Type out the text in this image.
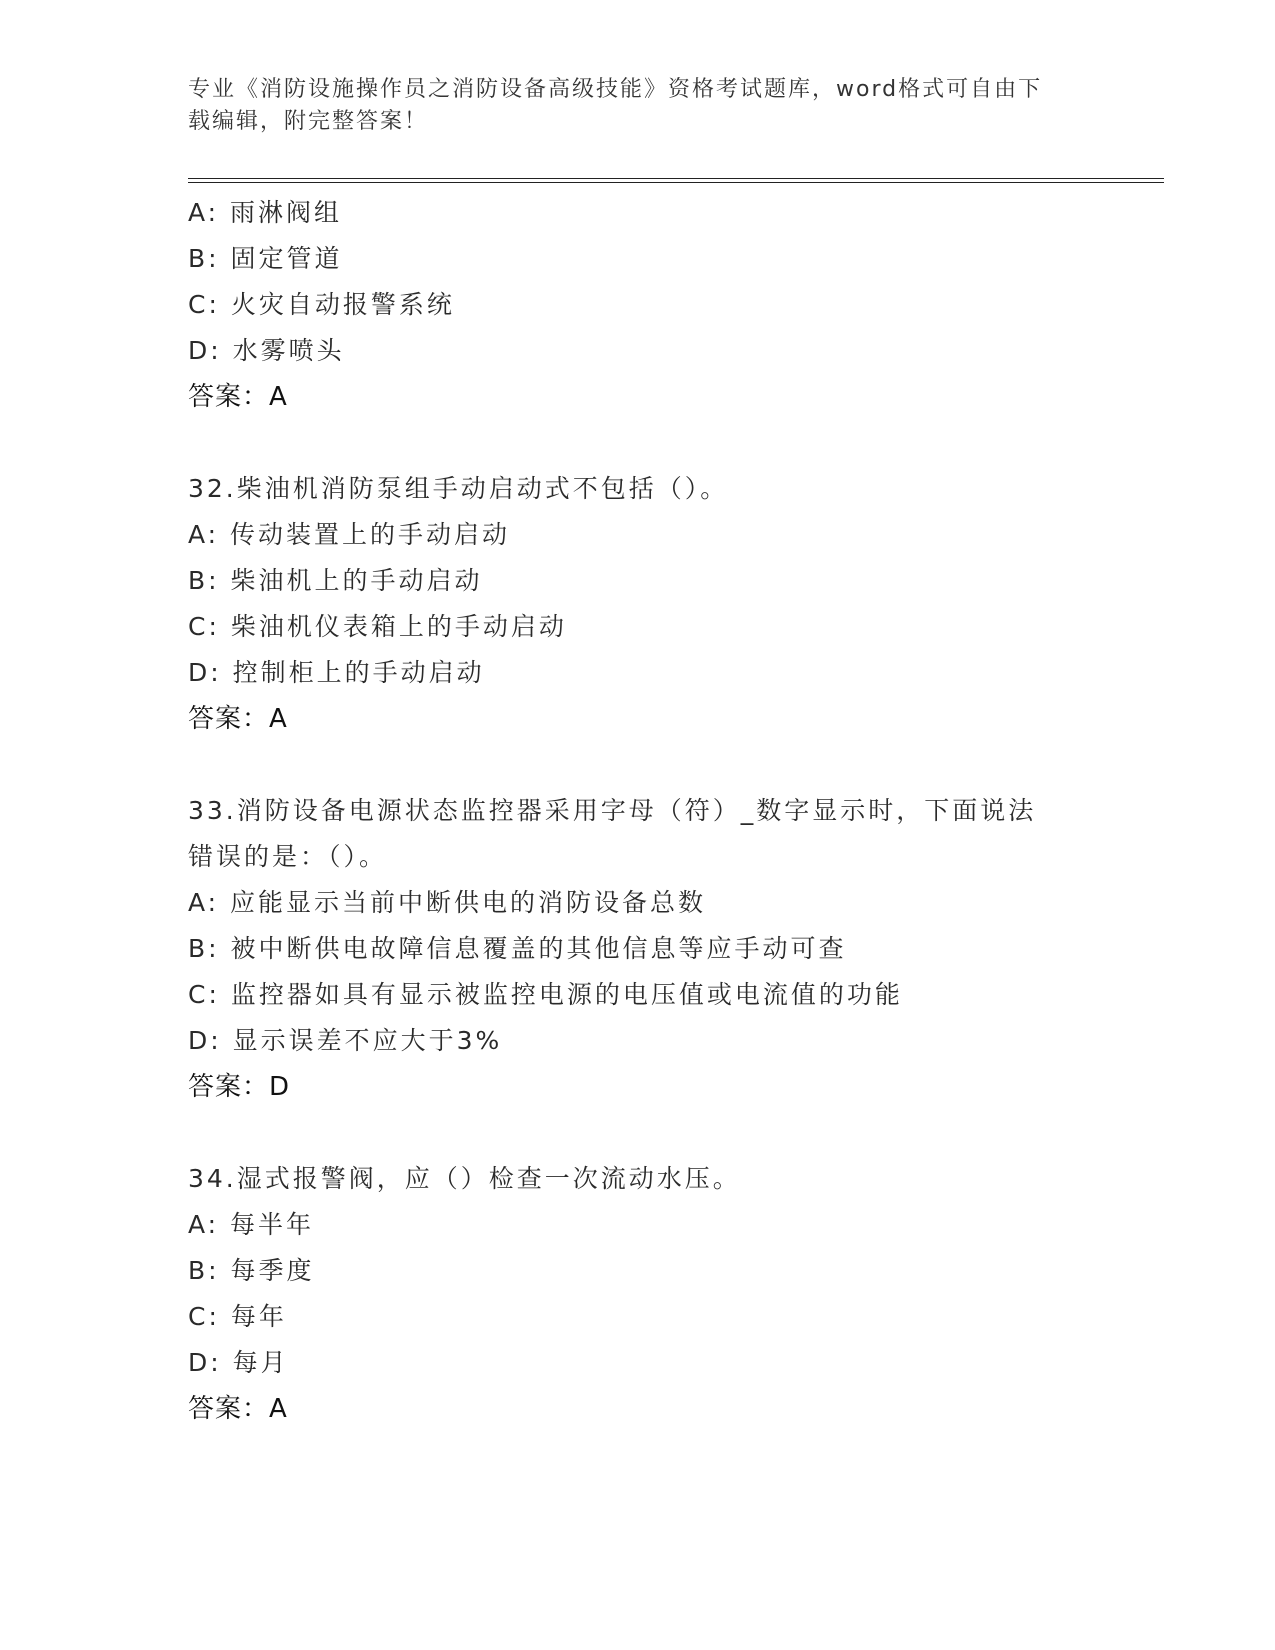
专业《消防设施操作员之消防设备高级技能》资格考试题库，word格式可自由下
载编辑，附完整答案！
A: 雨淋阀组
B: 固定管道
C: 火灾自动报警系统
D: 水雾喷头
答案：A
32.柴油机消防泵组手动启动式不包括（）。
A: 传动装置上的手动启动
B: 柴油机上的手动启动
C: 柴油机仪表箱上的手动启动
D: 控制柜上的手动启动
答案：A
33.消防设备电源状态监控器采用字母（符）_数字显示时，下面说法
错误的是：（）。
A: 应能显示当前中断供电的消防设备总数
B: 被中断供电故障信息覆盖的其他信息等应手动可查
C: 监控器如具有显示被监控电源的电压值或电流值的功能
D: 显示误差不应大于3%
答案：D
34.湿式报警阀，应（）检查一次流动水压。
A: 每半年
B: 每季度
C: 每年
D: 每月
答案：A
